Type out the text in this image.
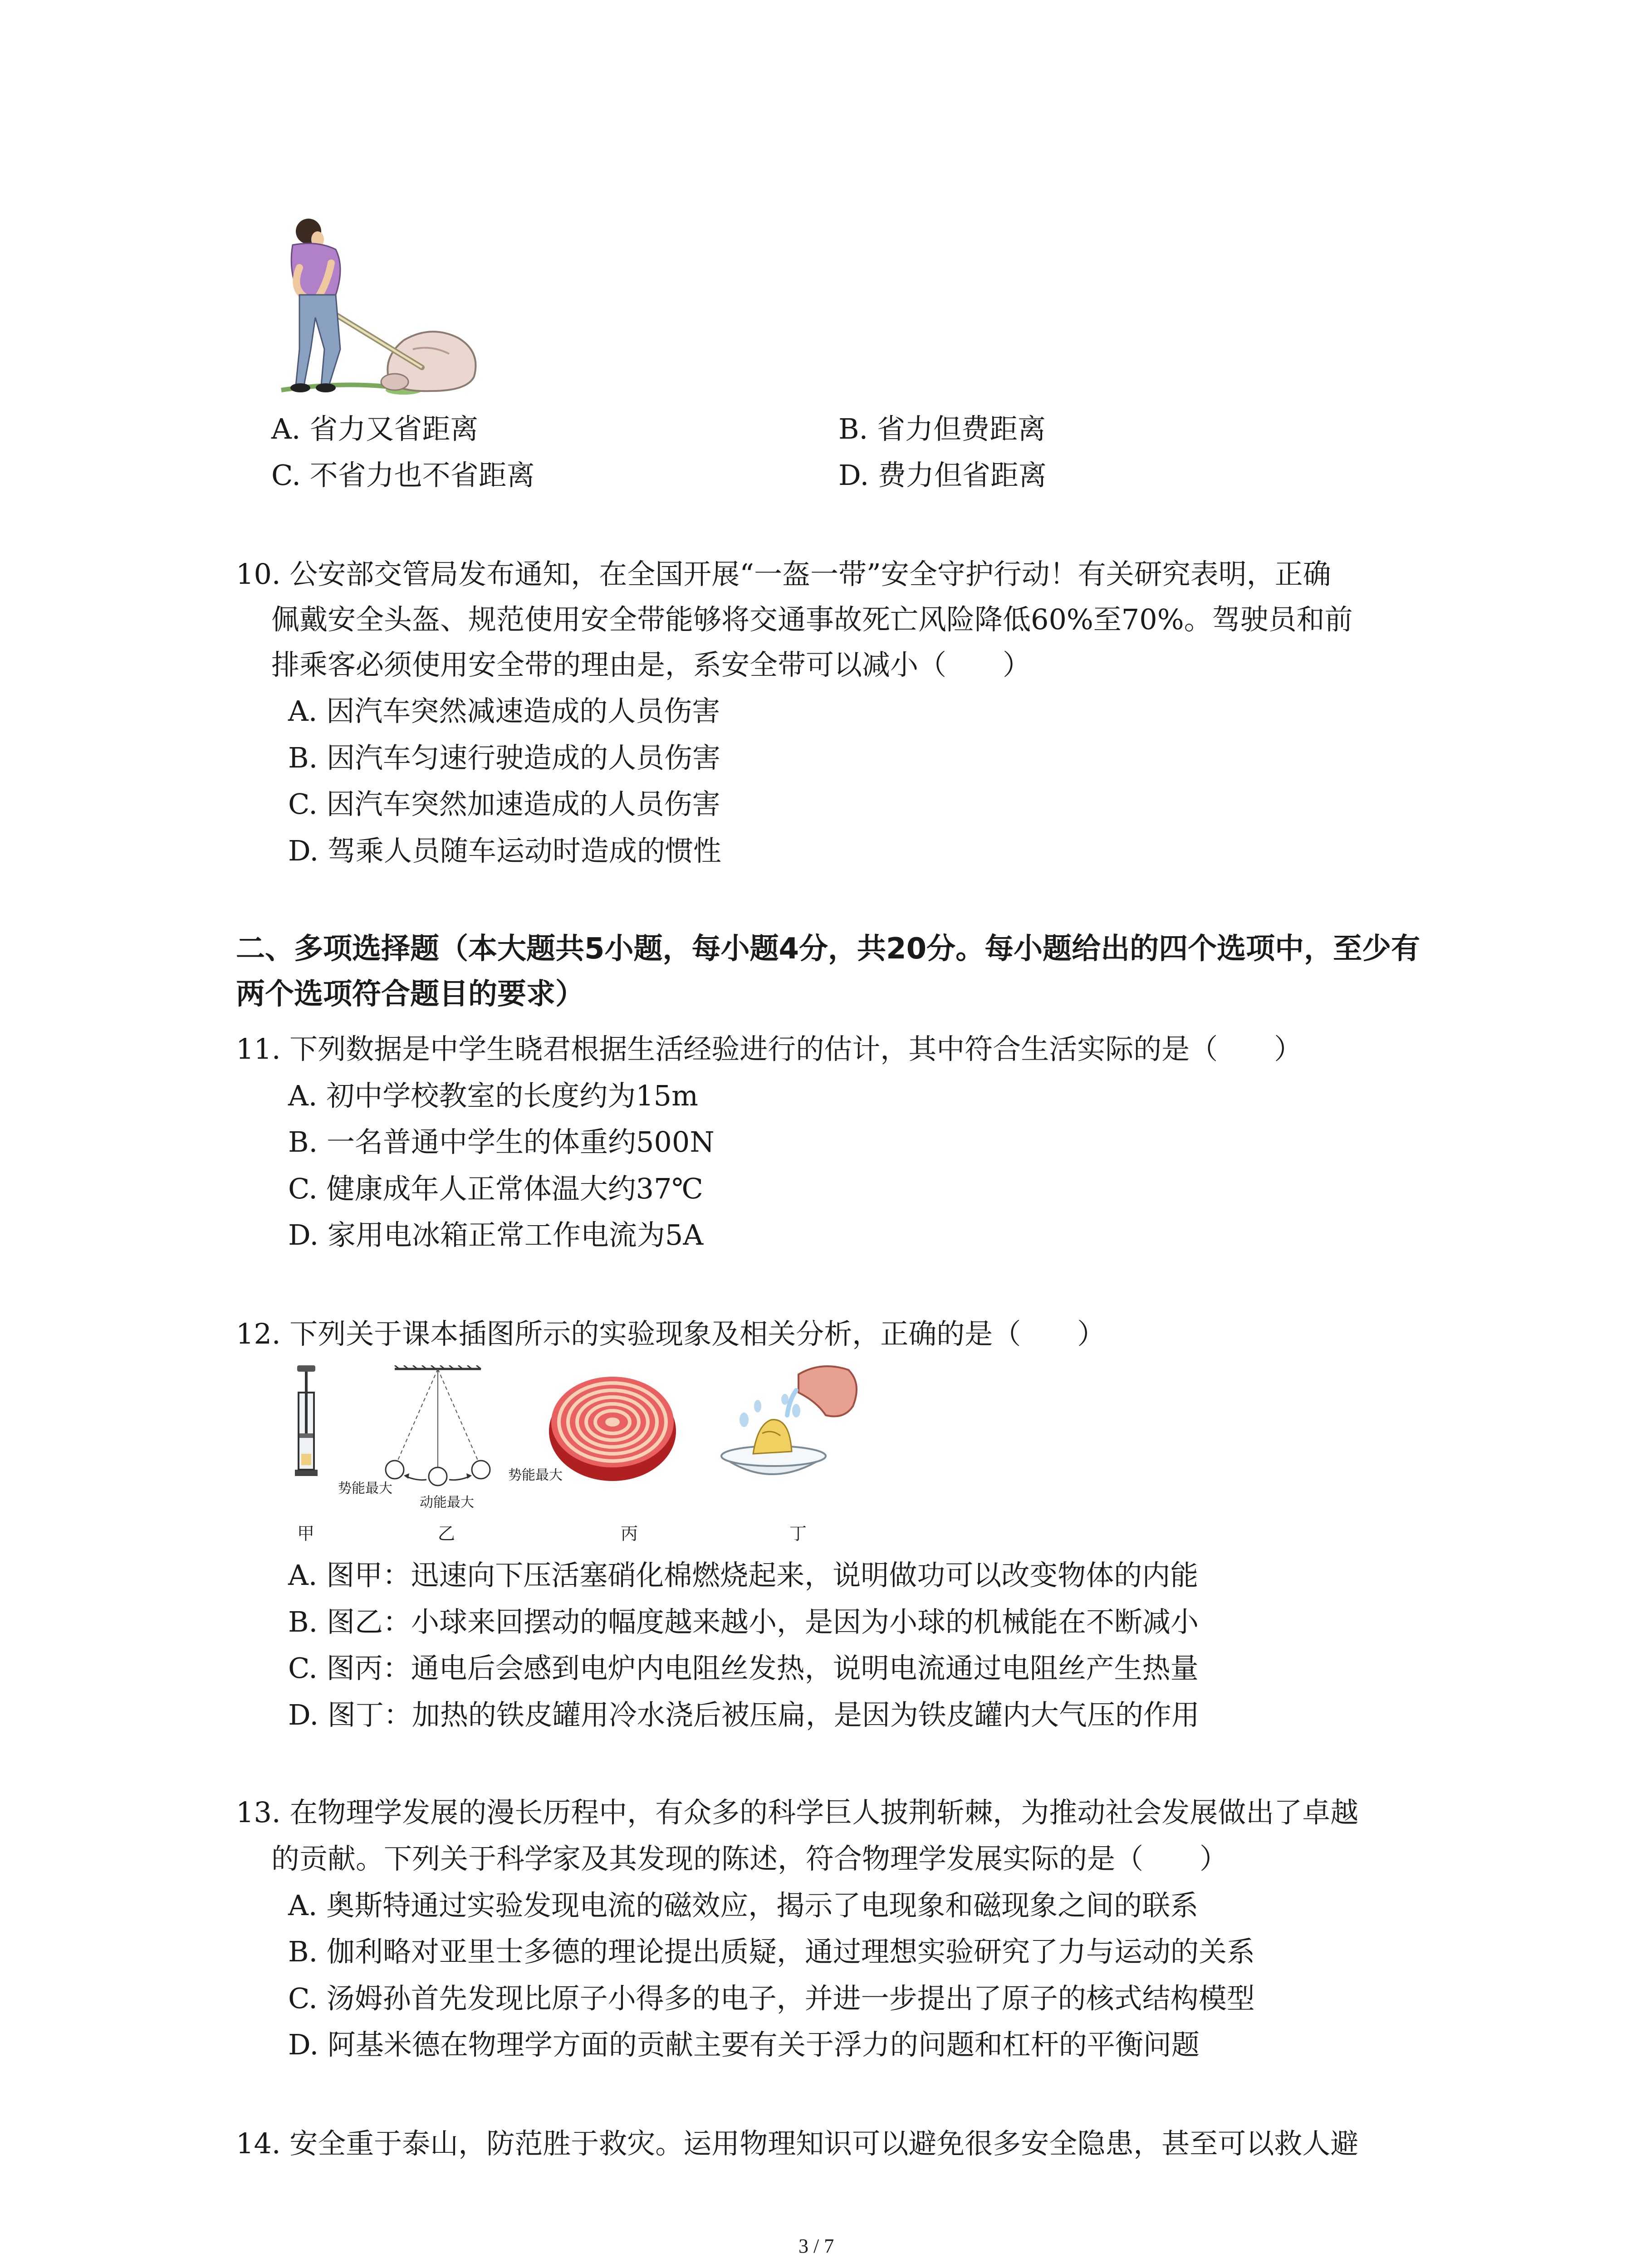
A. 省力又省距离	B. 省力但费距离
C. 不省力也不省距离	D. 费力但省距离
10. 公安部交管局发布通知，在全国开展“一盔一带”安全守护行动！有关研究表明，正确
佩戴安全头盔、规范使用安全带能够将交通事故死亡风险降低60%至70%。驾驶员和前
排乘客必须使用安全带的理由是，系安全带可以减小（　　）
A. 因汽车突然减速造成的人员伤害
B. 因汽车匀速行驶造成的人员伤害
C. 因汽车突然加速造成的人员伤害
D. 驾乘人员随车运动时造成的惯性
二、多项选择题（本大题共5小题，每小题4分，共20分。每小题给出的四个选项中，至少有
两个选项符合题目的要求）
11. 下列数据是中学生晓君根据生活经验进行的估计，其中符合生活实际的是（　　）
A. 初中学校教室的长度约为15m
B. 一名普通中学生的体重约500N
C. 健康成年人正常体温大约37℃
D. 家用电冰箱正常工作电流为5A
12. 下列关于课本插图所示的实验现象及相关分析，正确的是（　　）
势能最大
动能最大
势能最大
甲	乙	丙	丁
A. 图甲：迅速向下压活塞硝化棉燃烧起来，说明做功可以改变物体的内能
B. 图乙：小球来回摆动的幅度越来越小，是因为小球的机械能在不断减小
C. 图丙：通电后会感到电炉内电阻丝发热，说明电流通过电阻丝产生热量
D. 图丁：加热的铁皮罐用冷水浇后被压扁，是因为铁皮罐内大气压的作用
13. 在物理学发展的漫长历程中，有众多的科学巨人披荆斩棘，为推动社会发展做出了卓越
的贡献。下列关于科学家及其发现的陈述，符合物理学发展实际的是（　　）
A. 奥斯特通过实验发现电流的磁效应，揭示了电现象和磁现象之间的联系
B. 伽利略对亚里士多德的理论提出质疑，通过理想实验研究了力与运动的关系
C. 汤姆孙首先发现比原子小得多的电子，并进一步提出了原子的核式结构模型
D. 阿基米德在物理学方面的贡献主要有关于浮力的问题和杠杆的平衡问题
14. 安全重于泰山，防范胜于救灾。运用物理知识可以避免很多安全隐患，甚至可以救人避
3 / 7
